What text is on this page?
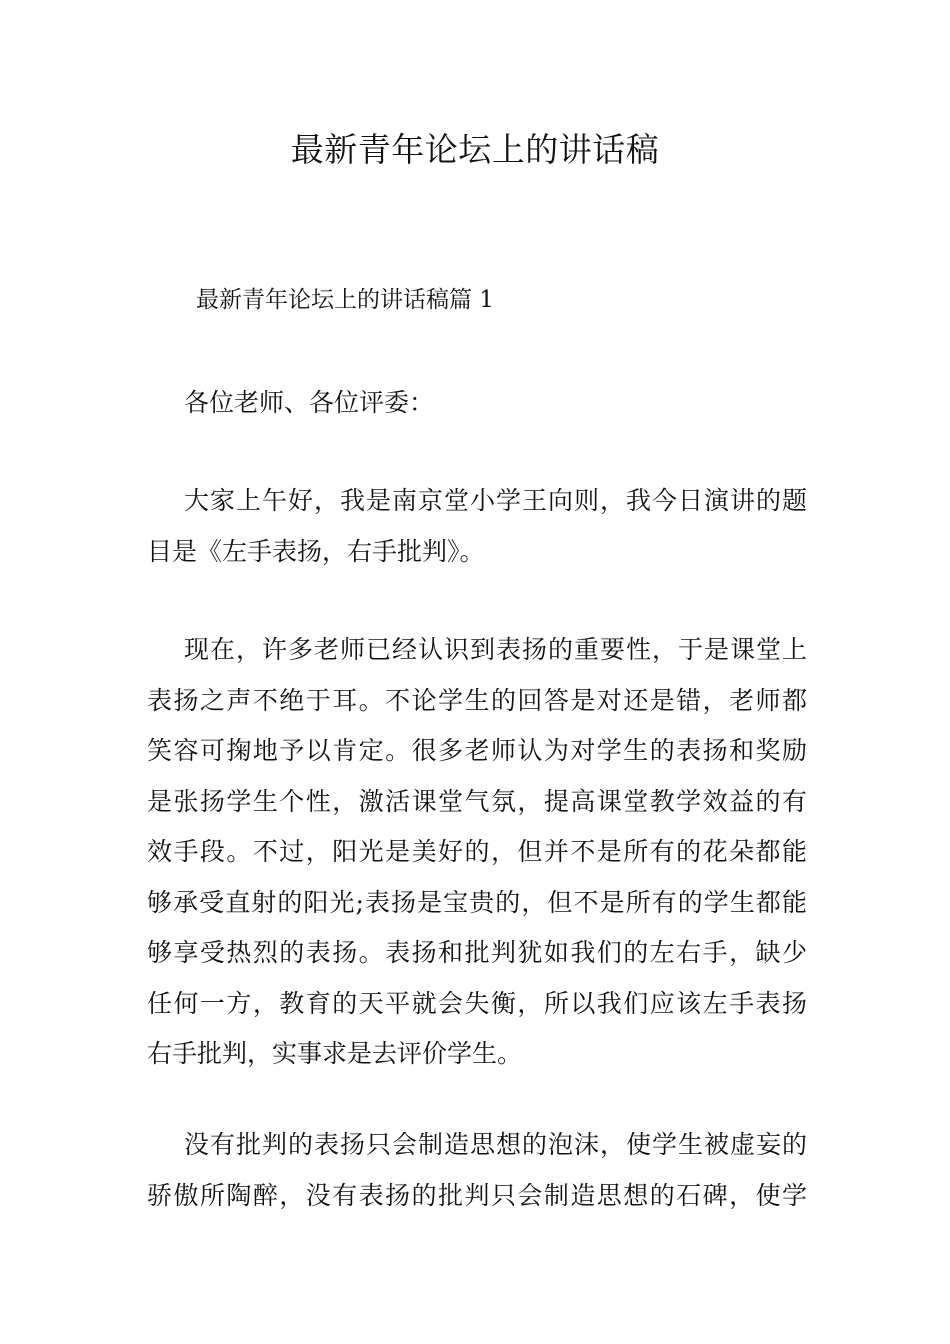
最新青年论坛上的讲话稿
最新青年论坛上的讲话稿篇 1
各位老师、各位评委：
大家上午好，我是南京堂小学王向则，我今日演讲的题
目是《左手表扬，右手批判》。
现在，许多老师已经认识到表扬的重要性，于是课堂上
表扬之声不绝于耳。不论学生的回答是对还是错，老师都
笑容可掬地予以肯定。很多老师认为对学生的表扬和奖励
是张扬学生个性，激活课堂气氛，提高课堂教学效益的有
效手段。不过，阳光是美好的，但并不是所有的花朵都能
够承受直射的阳光;表扬是宝贵的，但不是所有的学生都能
够享受热烈的表扬。表扬和批判犹如我们的左右手，缺少
任何一方，教育的天平就会失衡，所以我们应该左手表扬
右手批判，实事求是去评价学生。
没有批判的表扬只会制造思想的泡沫，使学生被虚妄的
骄傲所陶醉，没有表扬的批判只会制造思想的石碑，使学
